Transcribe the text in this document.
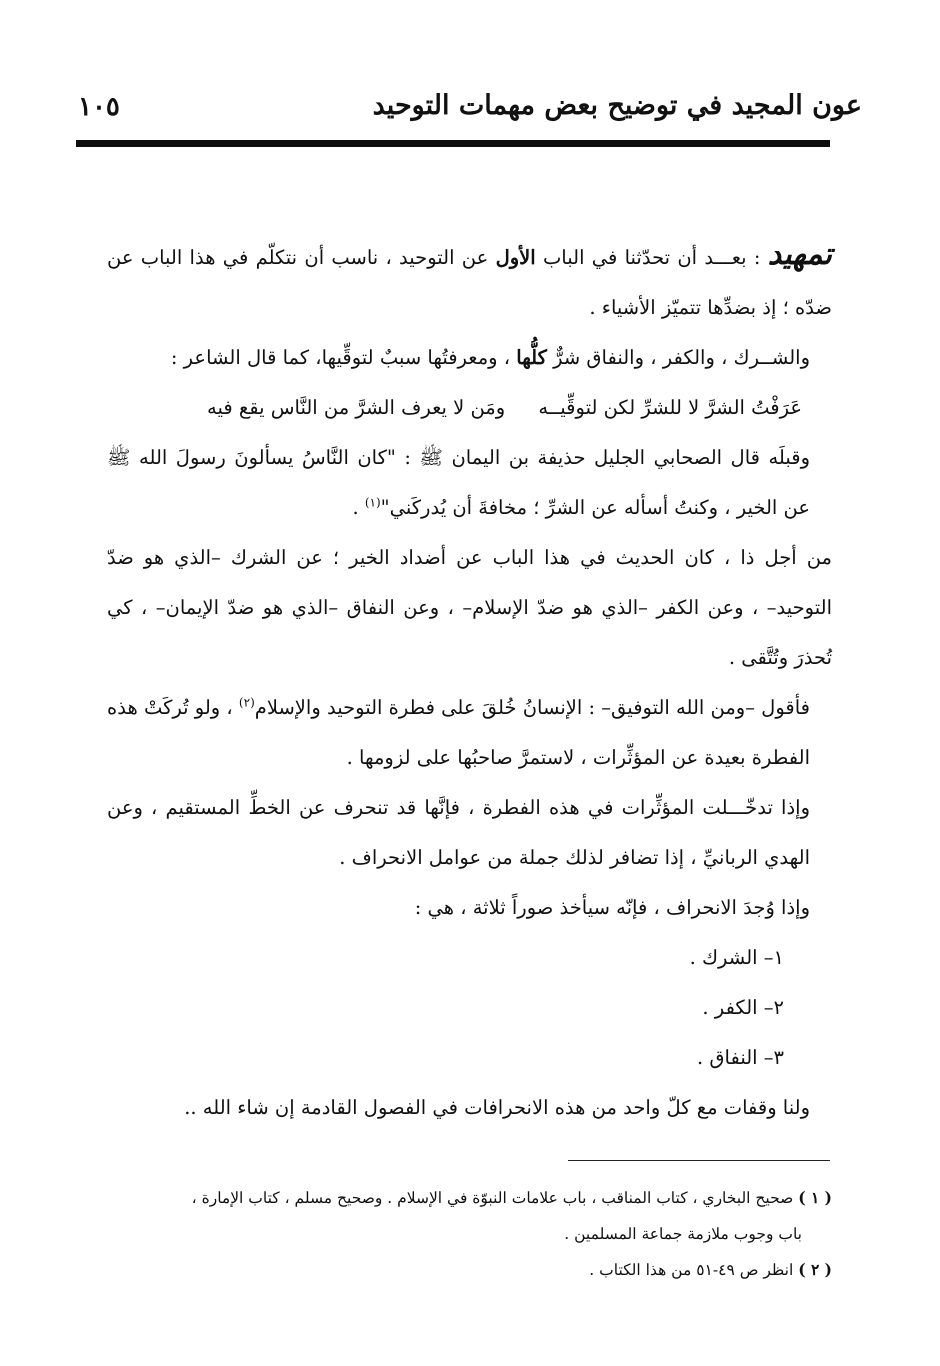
عون المجيد في توضيح بعض مهمات التوحيد
١٠٥

تمهيد : بعـــد أن تحدّثنا في الباب الأول عن التوحيد ، ناسب أن نتكلّم في هذا الباب عن ضدّه ؛ إذ بضدِّها تتميّز الأشياء .

والشــرك ، والكفر ، والنفاق شرٌّ كلُّها ، ومعرفتُها سببٌ لتوقِّيها، كما قال الشاعر :

عَرَفْتُ الشرَّ لا للشرِّ لكن لتوقِّيــه
ومَن لا يعرف الشرَّ من النَّاس يقع فيه

وقبلَه قال الصحابي الجليل حذيفة بن اليمان ﷺ : "كان النَّاسُ يسألونَ رسولَ الله ﷺ عن الخير ، وكنتُ أسأله عن الشرِّ ؛ مخافةَ أن يُدركَني"$^{(١)}$ .

من أجل ذا ، كان الحديث في هذا الباب عن أضداد الخير ؛ عن الشرك –الذي هو ضدّ التوحيد– ، وعن الكفر –الذي هو ضدّ الإسلام– ، وعن النفاق –الذي هو ضدّ الإيمان– ، كي تُحذرَ وتُتَّقى .

فأقول –ومن الله التوفيق– : الإنسانُ خُلقَ على فطرة التوحيد والإسلام$^{(٢)}$ ، ولو تُركَتْ هذه الفطرة بعيدة عن المؤثِّرات ، لاستمرَّ صاحبُها على لزومها .

وإذا تدخّـــلت المؤثِّرات في هذه الفطرة ، فإنَّها قد تنحرف عن الخطِّ المستقيم ، وعن الهدي الربانيِّ ، إذا تضافر لذلك جملة من عوامل الانحراف .

وإذا وُجدَ الانحراف ، فإنّه سيأخذ صوراً ثلاثة ، هي :

١– الشرك .

٢– الكفر .

٣– النفاق .

ولنا وقفات مع كلّ واحد من هذه الانحرافات في الفصول القادمة إن شاء الله ..

( ١ ) صحيح البخاري ، كتاب المناقب ، باب علامات النبوّة في الإسلام . وصحيح مسلم ، كتاب الإمارة ،

باب وجوب ملازمة جماعة المسلمين .

( ٢ ) انظر ص ٤٩-٥١ من هذا الكتاب .
